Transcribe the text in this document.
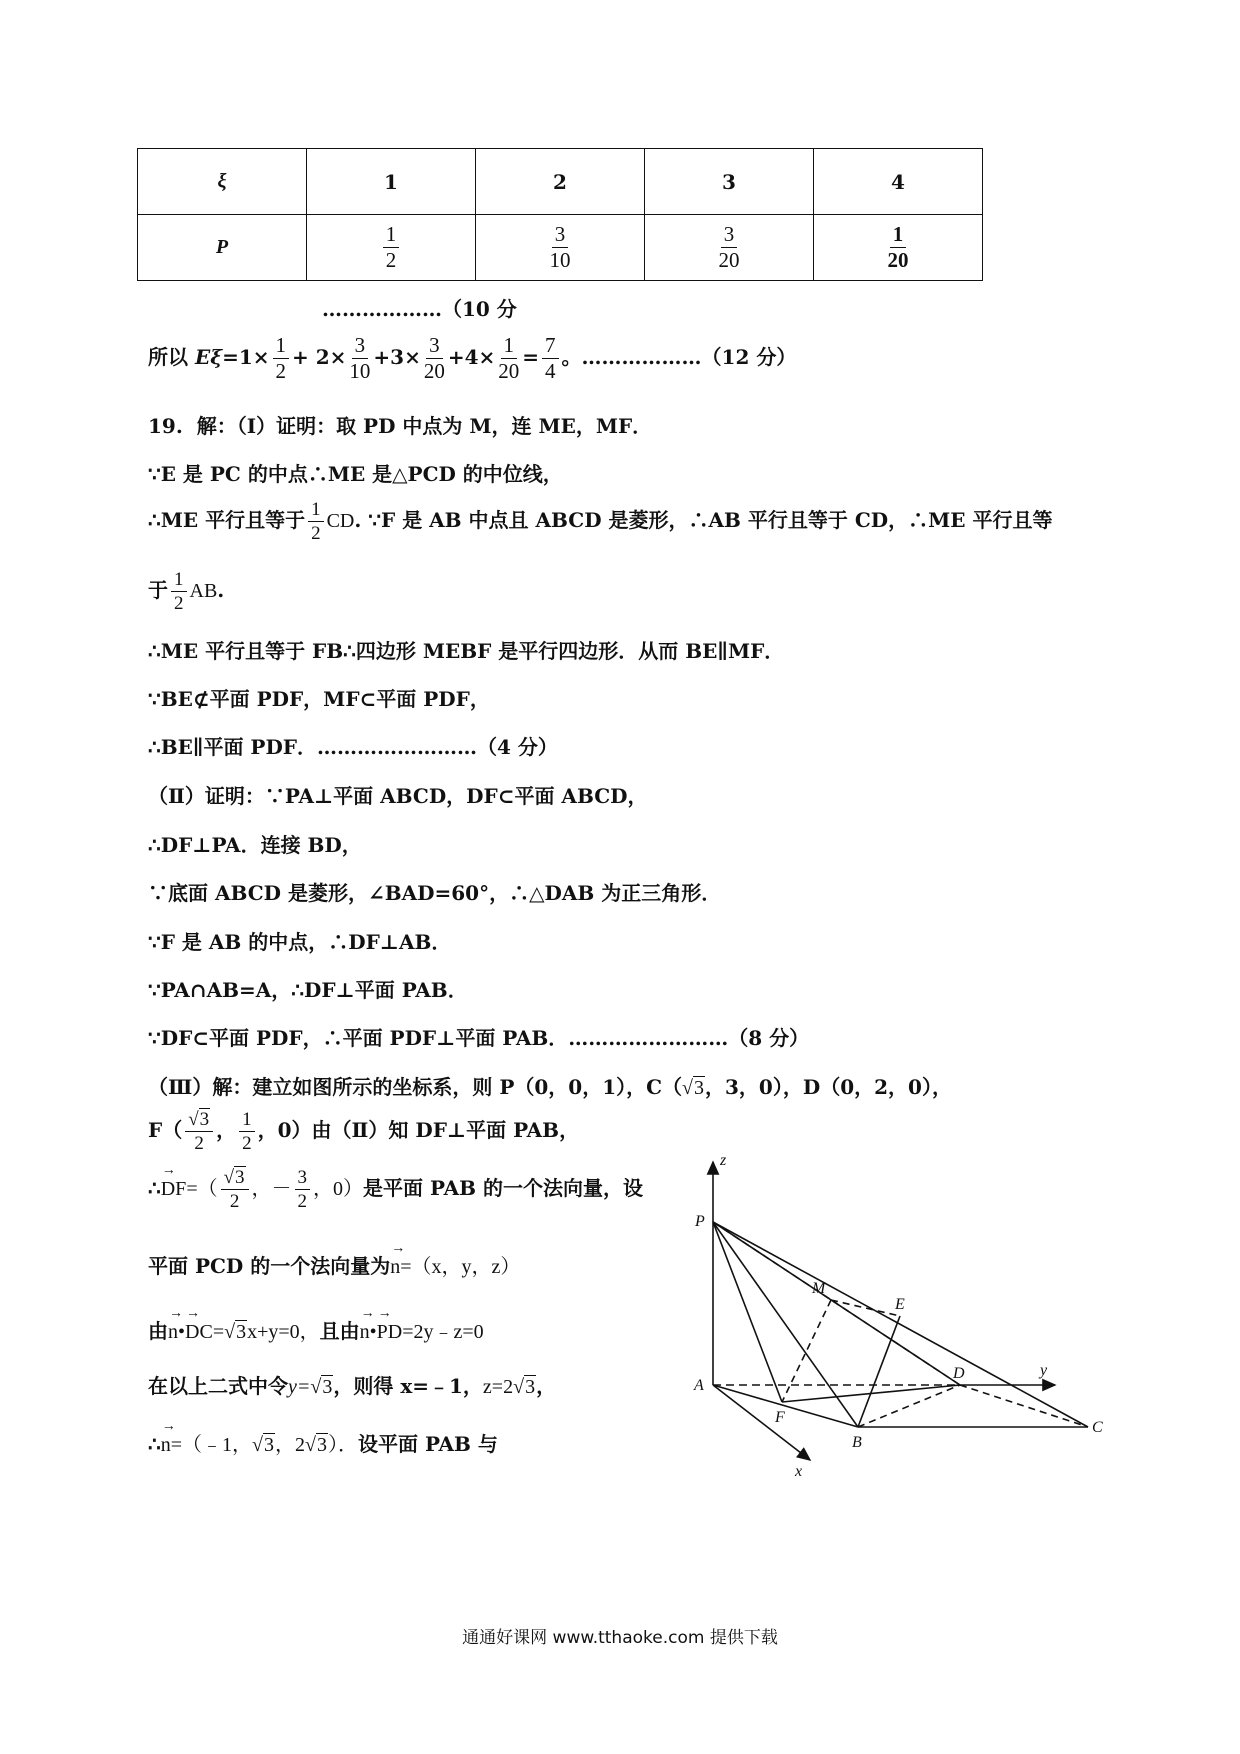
ξ	1	2	3	4
P	$\frac{1}{2}$	$\frac{3}{10}$	$\frac{3}{20}$	$\frac{1}{20}$
………………（10 分
所以 $E\xi=1\times \frac{1}{2} + 2\times \frac{3}{10} +3\times \frac{3}{20} +4\times \frac{1}{20} = \frac{7}{4}$ 。………………（12 分）
19. 解：（Ⅰ）证明：取 PD 中点为 M，连 ME，MF．
∵E 是 PC 的中点∴ME 是△PCD 的中位线，
∴ME 平行且等于 $\frac{1}{2}$ CD. ∵F 是 AB 中点且 ABCD 是菱形，∴AB 平行且等于 CD，∴ME 平行且等
于 $\frac{1}{2}$ AB.
∴ME 平行且等于 FB∴四边形 MEBF 是平行四边形．从而 BE∥MF．
∵BE⊄平面 PDF，MF⊂平面 PDF，
∴BE∥平面 PDF．……………………（4 分）
（Ⅱ）证明：∵PA⊥平面 ABCD，DF⊂平面 ABCD，
∴DF⊥PA．连接 BD，
∵底面 ABCD 是菱形，∠BAD=60°，∴△DAB 为正三角形．
∵F 是 AB 的中点，∴DF⊥AB．
∵PA∩AB=A，∴DF⊥平面 PAB．
∵DF⊂平面 PDF，∴平面 PDF⊥平面 PAB．……………………（8 分）
（Ⅲ）解：建立如图所示的坐标系，则 P（0，0，1），C（√3，3，0），D（0，2，0），
$F( \frac{√3}{2}$ ， $\frac{1}{2}$ ，0）由（Ⅱ）知 DF⊥平面 PAB，
∴→ $DF=( \frac{√3}{2}$ ，－ $\frac{3}{2}$ ，0）是平面 PAB 的一个法向量，设
平面 PCD 的一个法向量为→ n=（x，y，z）
由→ n•→ DC=√3x+y=0，且由→ n•→ PD=2y﹣z=0
在以上二式中令y=√3，则得 x=﹣1，z=2√3，
∴→ n=（﹣1，√3，2√3）．设平面 PAB 与
z
P
M
E
D	y
A
F
B
C
x
通通好课网 www.tthaoke.com 提供下载
